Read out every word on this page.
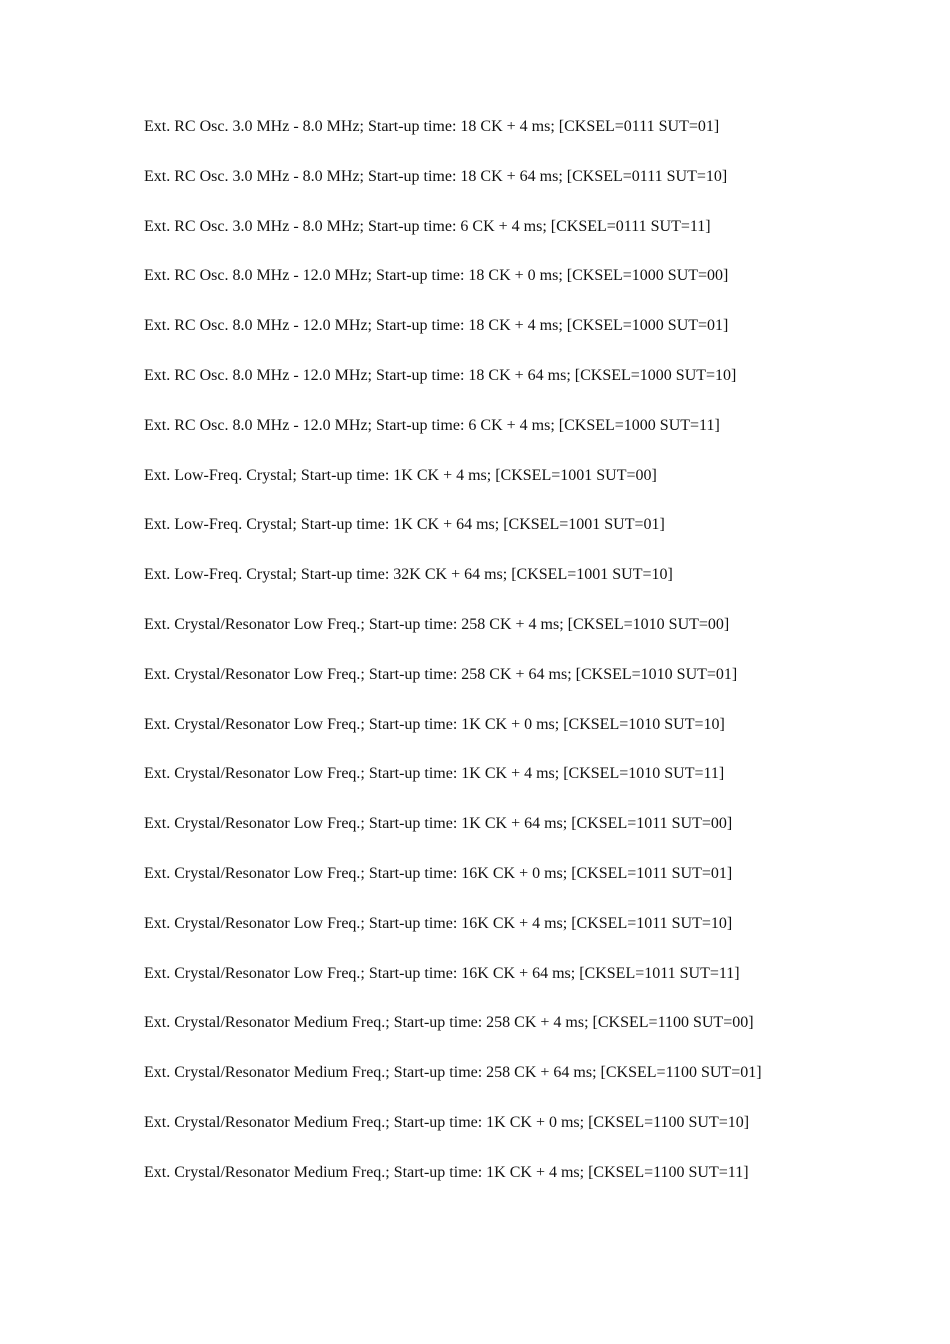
Ext. RC Osc. 3.0 MHz - 8.0 MHz; Start-up time: 18 CK + 4 ms; [CKSEL=0111 SUT=01]
Ext. RC Osc. 3.0 MHz - 8.0 MHz; Start-up time: 18 CK + 64 ms; [CKSEL=0111 SUT=10]
Ext. RC Osc. 3.0 MHz - 8.0 MHz; Start-up time: 6 CK + 4 ms; [CKSEL=0111 SUT=11]
Ext. RC Osc. 8.0 MHz - 12.0 MHz; Start-up time: 18 CK + 0 ms; [CKSEL=1000 SUT=00]
Ext. RC Osc. 8.0 MHz - 12.0 MHz; Start-up time: 18 CK + 4 ms; [CKSEL=1000 SUT=01]
Ext. RC Osc. 8.0 MHz - 12.0 MHz; Start-up time: 18 CK + 64 ms; [CKSEL=1000 SUT=10]
Ext. RC Osc. 8.0 MHz - 12.0 MHz; Start-up time: 6 CK + 4 ms; [CKSEL=1000 SUT=11]
Ext. Low-Freq. Crystal; Start-up time: 1K CK + 4 ms; [CKSEL=1001 SUT=00]
Ext. Low-Freq. Crystal; Start-up time: 1K CK + 64 ms; [CKSEL=1001 SUT=01]
Ext. Low-Freq. Crystal; Start-up time: 32K CK + 64 ms; [CKSEL=1001 SUT=10]
Ext. Crystal/Resonator Low Freq.; Start-up time: 258 CK + 4 ms; [CKSEL=1010 SUT=00]
Ext. Crystal/Resonator Low Freq.; Start-up time: 258 CK + 64 ms; [CKSEL=1010 SUT=01]
Ext. Crystal/Resonator Low Freq.; Start-up time: 1K CK + 0 ms; [CKSEL=1010 SUT=10]
Ext. Crystal/Resonator Low Freq.; Start-up time: 1K CK + 4 ms; [CKSEL=1010 SUT=11]
Ext. Crystal/Resonator Low Freq.; Start-up time: 1K CK + 64 ms; [CKSEL=1011 SUT=00]
Ext. Crystal/Resonator Low Freq.; Start-up time: 16K CK + 0 ms; [CKSEL=1011 SUT=01]
Ext. Crystal/Resonator Low Freq.; Start-up time: 16K CK + 4 ms; [CKSEL=1011 SUT=10]
Ext. Crystal/Resonator Low Freq.; Start-up time: 16K CK + 64 ms; [CKSEL=1011 SUT=11]
Ext. Crystal/Resonator Medium Freq.; Start-up time: 258 CK + 4 ms; [CKSEL=1100 SUT=00]
Ext. Crystal/Resonator Medium Freq.; Start-up time: 258 CK + 64 ms; [CKSEL=1100 SUT=01]
Ext. Crystal/Resonator Medium Freq.; Start-up time: 1K CK + 0 ms; [CKSEL=1100 SUT=10]
Ext. Crystal/Resonator Medium Freq.; Start-up time: 1K CK + 4 ms; [CKSEL=1100 SUT=11]
